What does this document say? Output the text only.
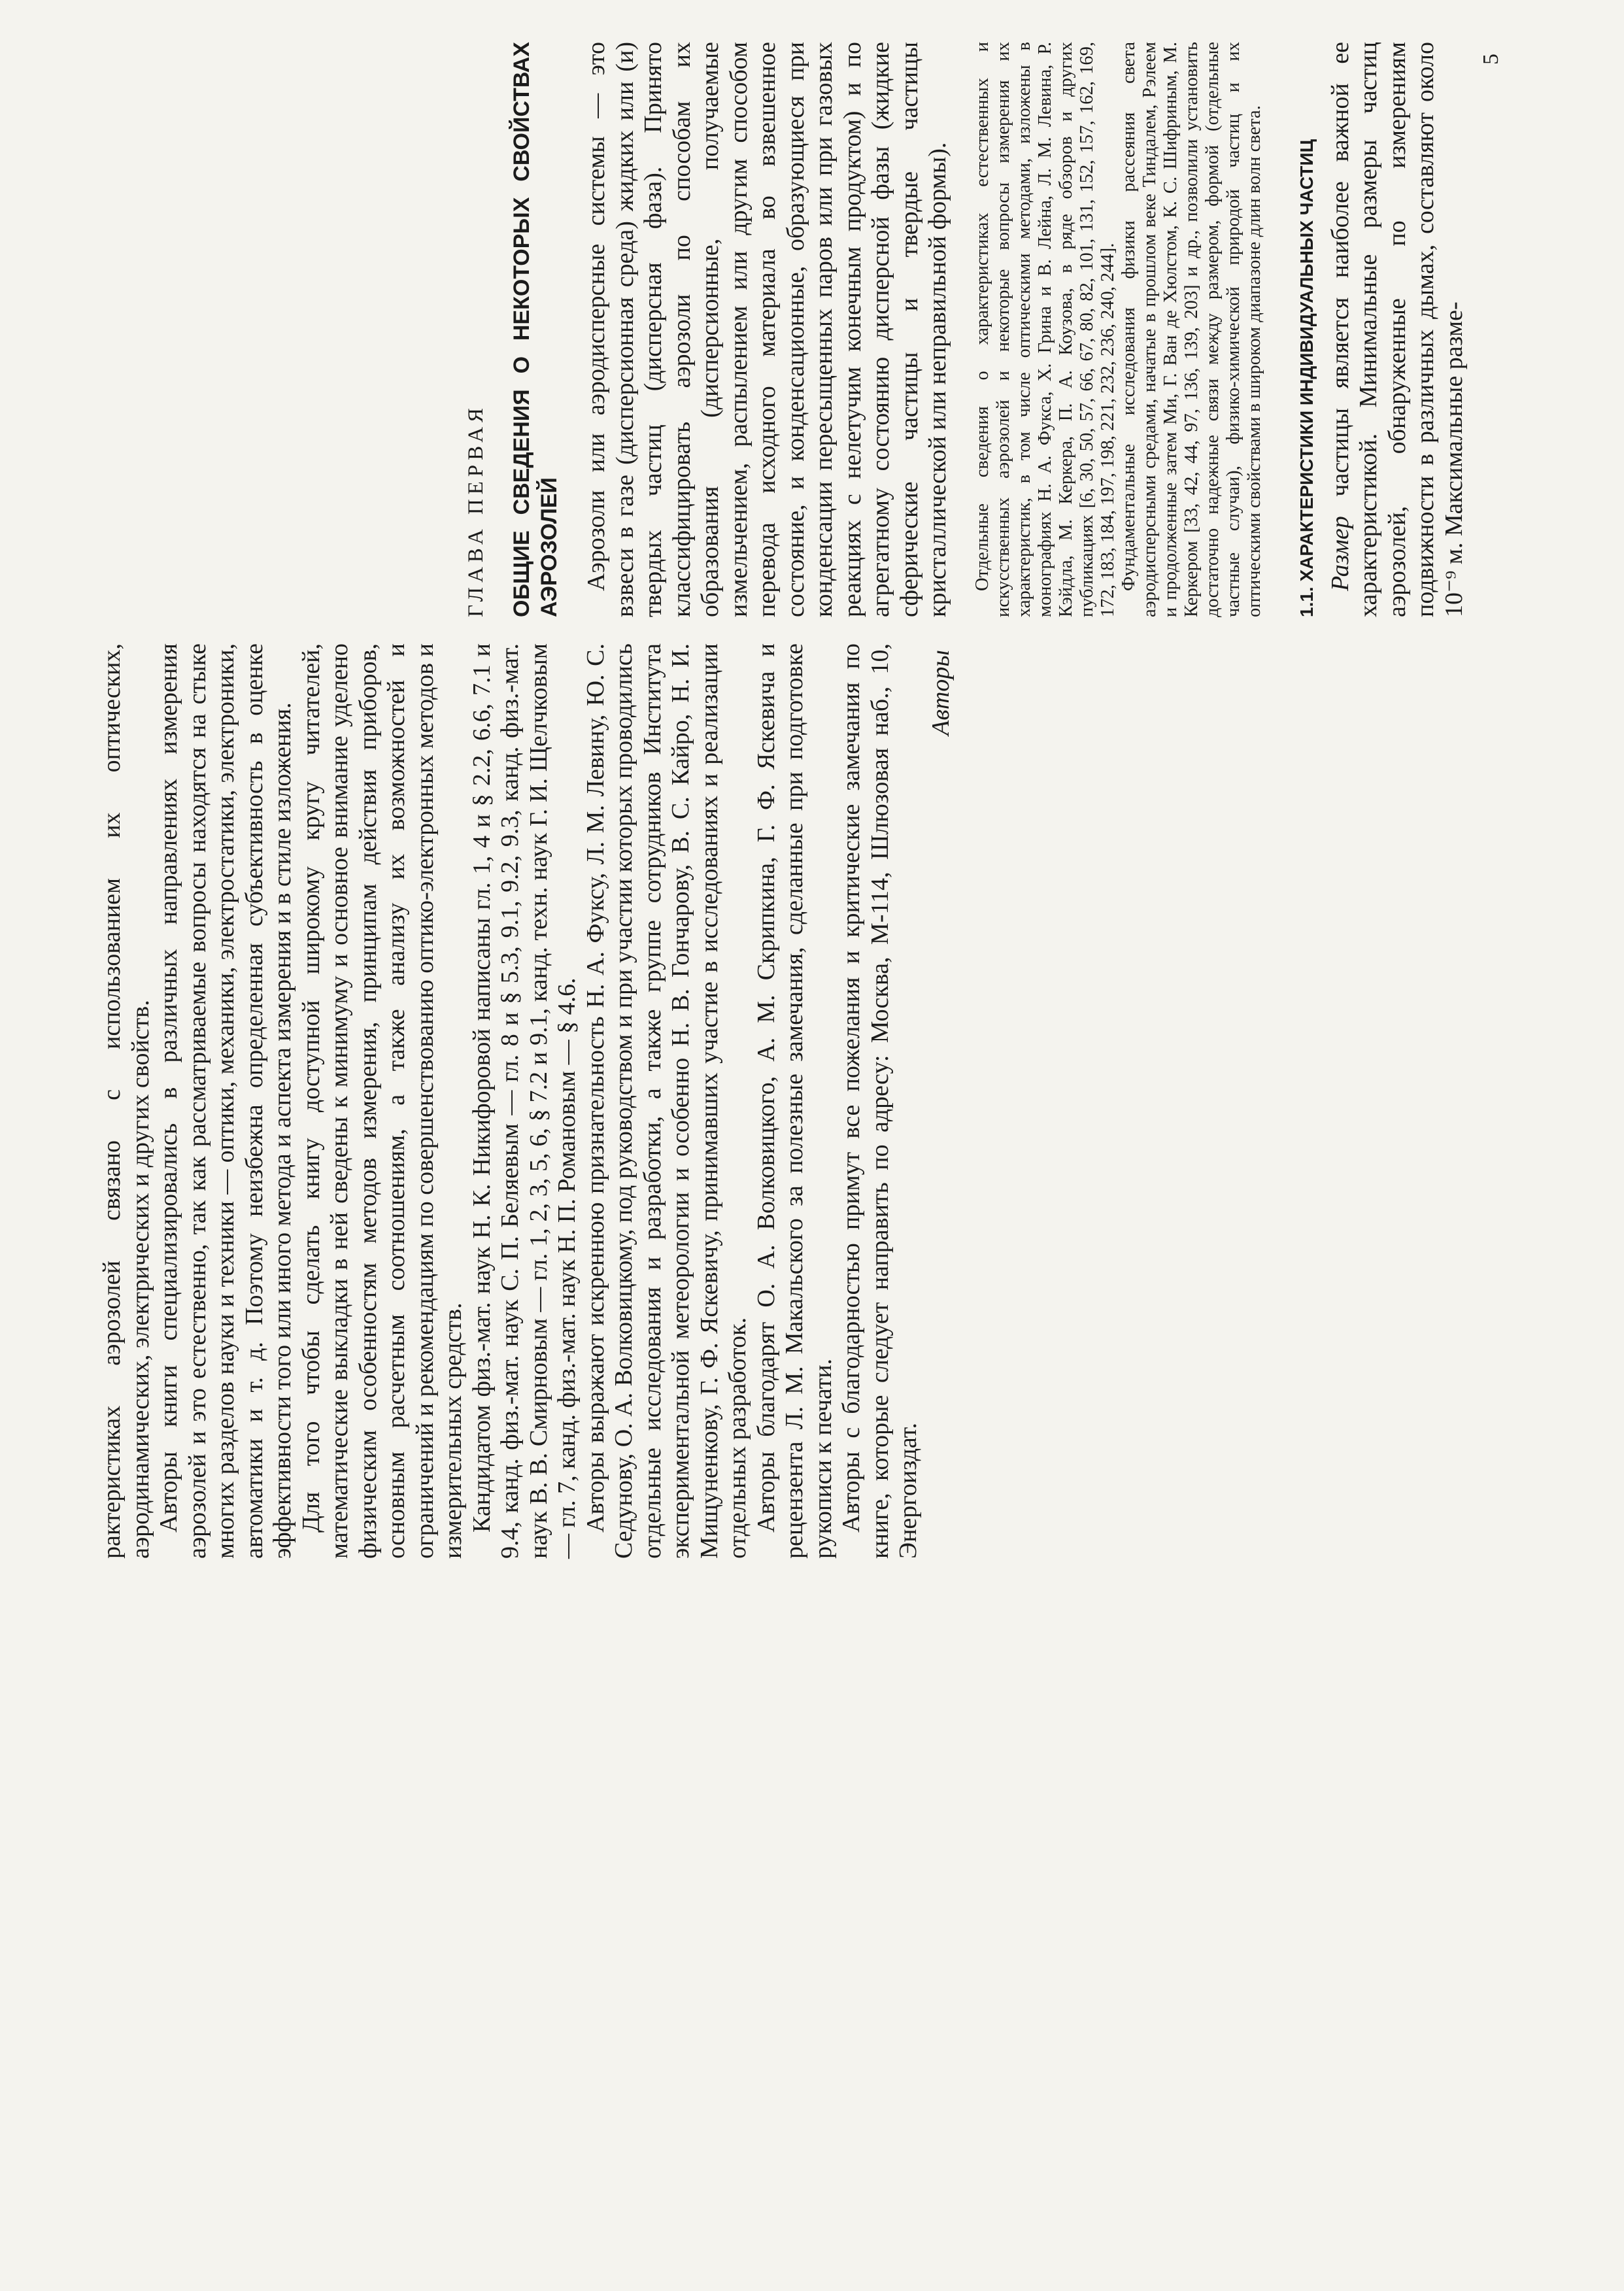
рактеристиках аэрозолей связано с использованием их оптических, аэродинамических, электрических и других свойств. Авторы книги специализировались в различных направлениях измерения аэрозолей и это естественно, так как рассматриваемые вопросы находятся на стыке многих разделов науки и техники — оптики, механики, электростатики, электроники, автоматики и т. д. Поэтому неизбежна определенная субъективность в оценке эффективности того или иного метода и аспекта измерения и в стиле изложения. Для того чтобы сделать книгу доступной широкому кругу читателей, математические выкладки в ней сведены к минимуму и основное внимание уделено физическим особенностям методов измерения, принципам действия приборов, основным расчетным соотношениям, а также анализу их возможностей и ограничений и рекомендациям по совершенствованию оптико-электронных методов и измерительных средств. Кандидатом физ.-мат. наук Н. К. Никифоровой написаны гл. 1, 4 и § 2.2, 6.6, 7.1 и 9.4, канд. физ.-мат. наук С. П. Беляевым — гл. 8 и § 5.3, 9.1, 9.2, 9.3, канд. физ.-мат. наук В. В. Смирновым — гл. 1, 2, 3, 5, 6, § 7.2 и 9.1, канд. техн. наук Г. И. Щелчковым — гл. 7, канд. физ.-мат. наук Н. П. Романовым — § 4.6. Авторы выражают искреннюю признательность Н. А. Фуксу, Л. М. Левину, Ю. С. Седунову, О. А. Волковицкому, под руководством и при участии которых проводились отдельные исследования и разработки, а также группе сотрудников Института экспериментальной метеорологии и особенно Н. В. Гончарову, В. С. Кайро, Н. И. Мищуненкову, Г. Ф. Яскевичу, принимавших участие в исследованиях и реализации отдельных разработок. Авторы благодарят О. А. Волковицкого, А. М. Скрипкина, Г. Ф. Яскевича и рецензента Л. М. Макальского за полезные замечания, сделанные при подготовке рукописи к печати. Авторы с благодарностью примут все пожелания и критические замечания по книге, которые следует направить по адресу: Москва, М-114, Шлюзовая наб., 10, Энергоиздат.

Авторы

ГЛАВА ПЕРВАЯ ОБЩИЕ СВЕДЕНИЯ О НЕКОТОРЫХ СВОЙСТВАХ АЭРОЗОЛЕЙ Аэрозоли или аэродисперсные системы — это взвеси в газе (дисперсионная среда) жидких или (и) твердых частиц (дисперсная фаза). Принято классифицировать аэрозоли по способам их образования (дисперсионные, получаемые измельчением, распылением или другим способом перевода исходного материала во взвешенное состояние, и конденсационные, образующиеся при конденсации пересыщенных паров или при газовых реакциях с нелетучим конечным продуктом) и по агрегатному состоянию дисперсной фазы (жидкие сферические частицы и твердые частицы кристаллической или неправильной формы). Отдельные сведения о характеристиках естественных и искусственных аэрозолей и некоторые вопросы измерения их характеристик, в том числе оптическими методами, изложены в монографиях Н. А. Фукса, Х. Грина и В. Лейна, Л. М. Левина, Р. Кэйдла, М. Керкера, П. А. Коузова, в ряде обзоров и других публикациях [6, 30, 50, 57, 66, 67, 80, 82, 101, 131, 152, 157, 162, 169, 172, 183, 184, 197, 198, 221, 232, 236, 240, 244]. Фундаментальные исследования физики рассеяния света аэродисперсными средами, начатые в прошлом веке Тиндалем, Рэлеем и продолженные затем Ми, Г. Ван де Хюлстом, К. С. Шифриным, М. Керкером [33, 42, 44, 97, 136, 139, 203] и др., позволили установить достаточно надежные связи между размером, формой (отдельные частные случаи), физико-химической природой частиц и их оптическими свойствами в широком диапазоне длин волн света. 1.1. ХАРАКТЕРИСТИКИ ИНДИВИДУАЛЬНЫХ ЧАСТИЦ Размер частицы является наиболее важной ее характеристикой. Минимальные размеры частиц аэрозолей, обнаруженные по измерениям подвижности в различных дымах, составляют около 10⁻⁹ м. Максимальные разме-

5
